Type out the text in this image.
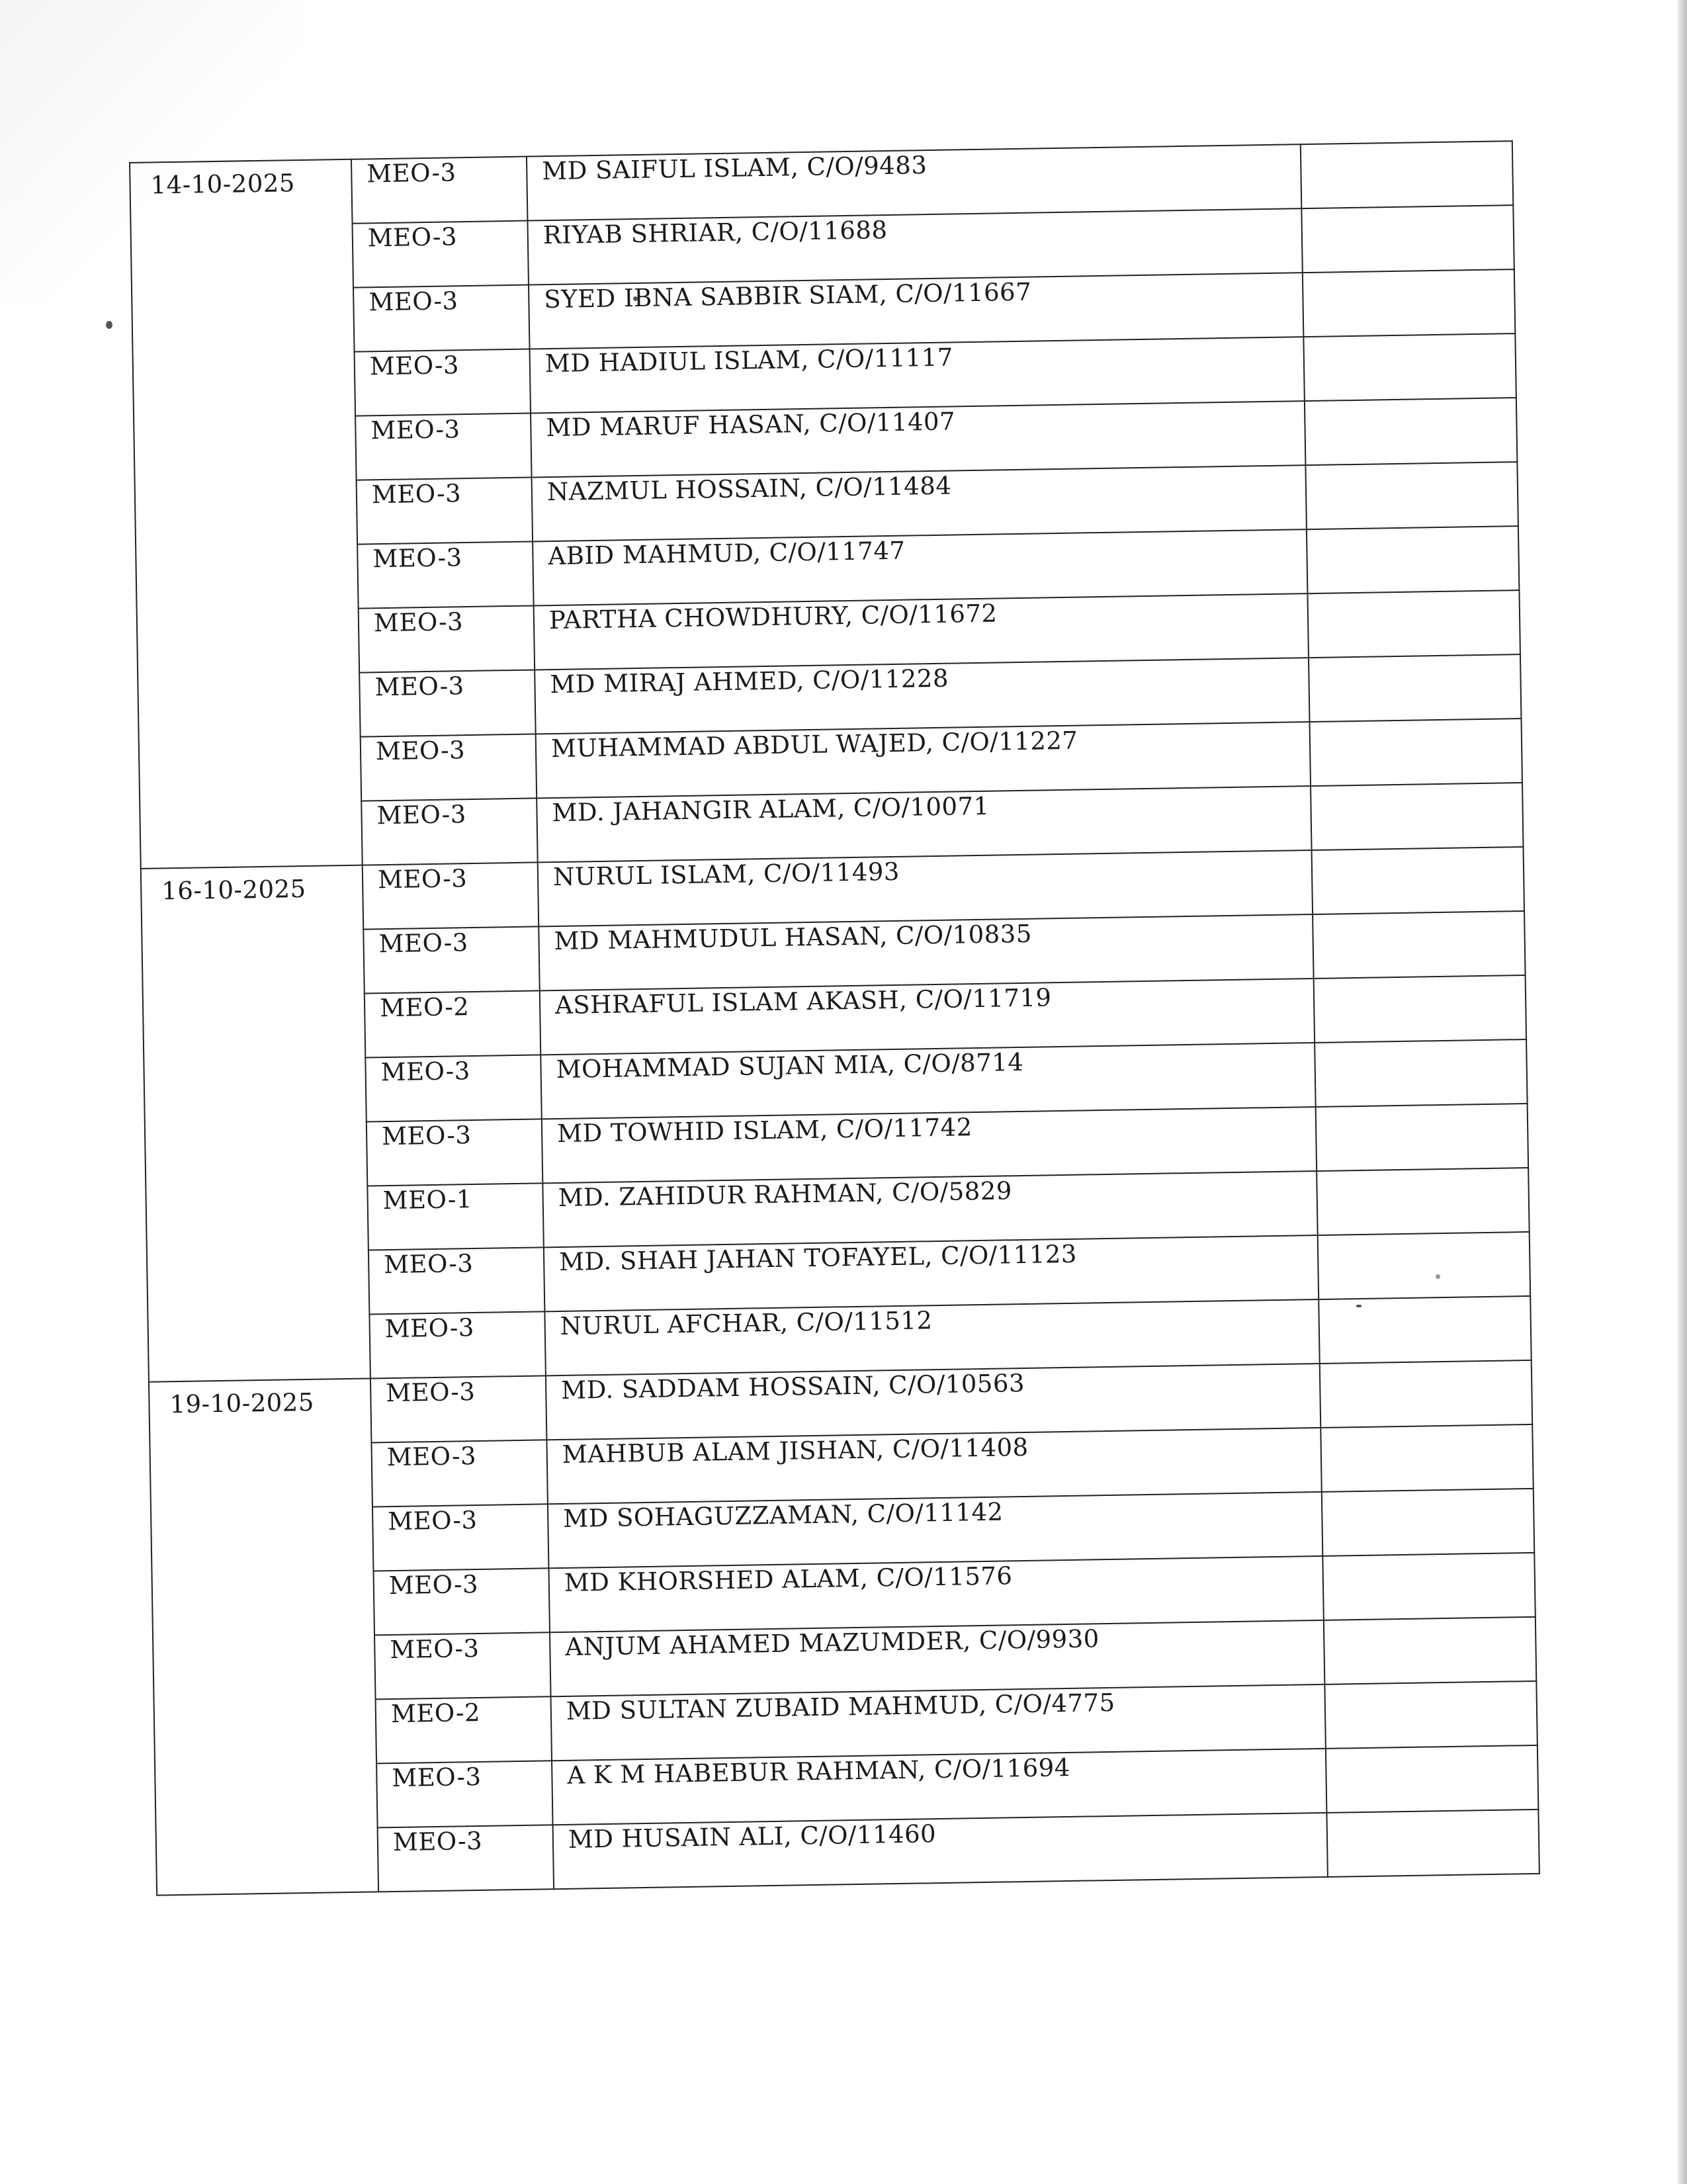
14-10-2025	MEO-3	MD SAIFUL ISLAM, C/O/9483	
	MEO-3	RIYAB SHRIAR, C/O/11688	
	MEO-3	SYED IBNA SABBIR SIAM, C/O/11667	
	MEO-3	MD HADIUL ISLAM, C/O/11117	
	MEO-3	MD MARUF HASAN, C/O/11407	
	MEO-3	NAZMUL HOSSAIN, C/O/11484	
	MEO-3	ABID MAHMUD, C/O/11747	
	MEO-3	PARTHA CHOWDHURY, C/O/11672	
	MEO-3	MD MIRAJ AHMED, C/O/11228	
	MEO-3	MUHAMMAD ABDUL WAJED, C/O/11227	
	MEO-3	MD. JAHANGIR ALAM, C/O/10071	
16-10-2025	MEO-3	NURUL ISLAM, C/O/11493	
	MEO-3	MD MAHMUDUL HASAN, C/O/10835	
	MEO-2	ASHRAFUL ISLAM AKASH, C/O/11719	
	MEO-3	MOHAMMAD SUJAN MIA, C/O/8714	
	MEO-3	MD TOWHID ISLAM, C/O/11742	
	MEO-1	MD. ZAHIDUR RAHMAN, C/O/5829	
	MEO-3	MD. SHAH JAHAN TOFAYEL, C/O/11123	
	MEO-3	NURUL AFCHAR, C/O/11512	
19-10-2025	MEO-3	MD. SADDAM HOSSAIN, C/O/10563	
	MEO-3	MAHBUB ALAM JISHAN, C/O/11408	
	MEO-3	MD SOHAGUZZAMAN, C/O/11142	
	MEO-3	MD KHORSHED ALAM, C/O/11576	
	MEO-3	ANJUM AHAMED MAZUMDER, C/O/9930	
	MEO-2	MD SULTAN ZUBAID MAHMUD, C/O/4775	
	MEO-3	A K M HABEBUR RAHMAN, C/O/11694	
	MEO-3	MD HUSAIN ALI, C/O/11460	
